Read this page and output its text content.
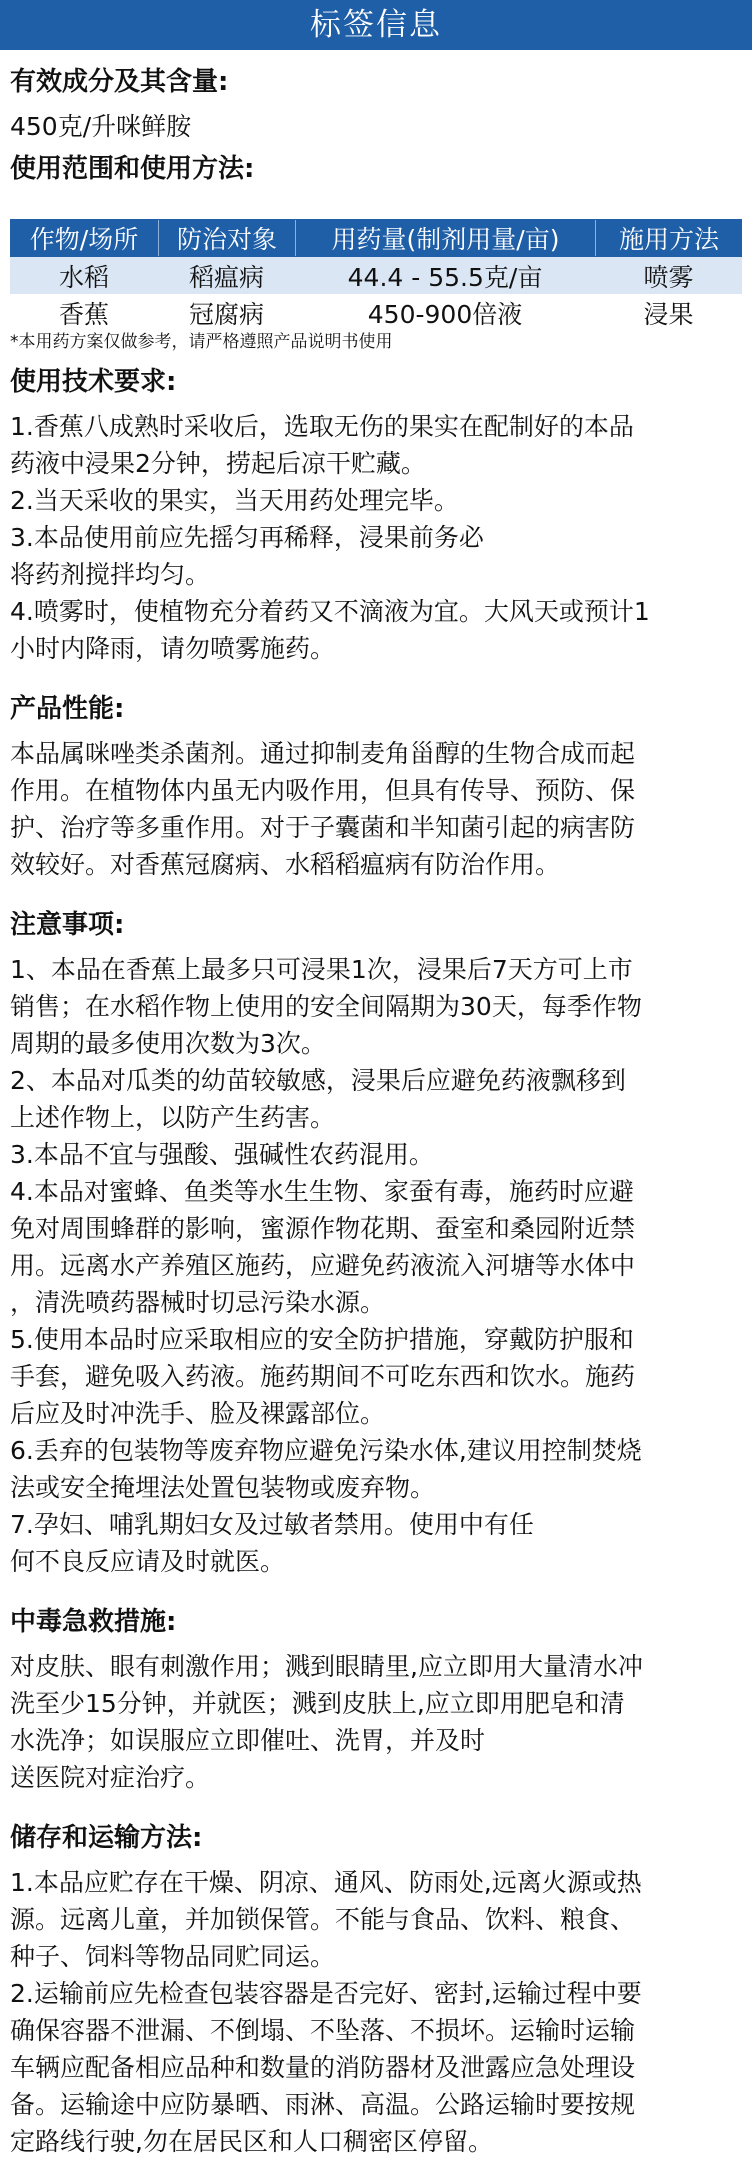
标签信息
有效成分及其含量:
450克/升咪鲜胺
使用范围和使用方法:
作物/场所	防治对象	用药量(制剂用量/亩)	施用方法
水稻	稻瘟病	44.4 - 55.5克/亩	喷雾
香蕉	冠腐病	450-900倍液	浸果
*本用药方案仅做参考，请严格遵照产品说明书使用
使用技术要求:
1.香蕉八成熟时采收后，选取无伤的果实在配制好的本品
药液中浸果2分钟，捞起后凉干贮藏。
2.当天采收的果实，当天用药处理完毕。
3.本品使用前应先摇匀再稀释，浸果前务必
将药剂搅拌均匀。
4.喷雾时，使植物充分着药又不滴液为宜。大风天或预计1
小时内降雨，请勿喷雾施药。
产品性能:
本品属咪唑类杀菌剂。通过抑制麦角甾醇的生物合成而起
作用。在植物体内虽无内吸作用，但具有传导、预防、保
护、治疗等多重作用。对于子囊菌和半知菌引起的病害防
效较好。对香蕉冠腐病、水稻稻瘟病有防治作用。
注意事项:
1、本品在香蕉上最多只可浸果1次，浸果后7天方可上市
销售；在水稻作物上使用的安全间隔期为30天，每季作物
周期的最多使用次数为3次。
2、本品对瓜类的幼苗较敏感，浸果后应避免药液飘移到
上述作物上，以防产生药害。
3.本品不宜与强酸、强碱性农药混用。
4.本品对蜜蜂、鱼类等水生生物、家蚕有毒，施药时应避
免对周围蜂群的影响，蜜源作物花期、蚕室和桑园附近禁
用。远离水产养殖区施药，应避免药液流入河塘等水体中
，清洗喷药器械时切忌污染水源。
5.使用本品时应采取相应的安全防护措施，穿戴防护服和
手套，避免吸入药液。施药期间不可吃东西和饮水。施药
后应及时冲洗手、脸及裸露部位。
6.丢弃的包装物等废弃物应避免污染水体,建议用控制焚烧
法或安全掩埋法处置包装物或废弃物。
7.孕妇、哺乳期妇女及过敏者禁用。使用中有任
何不良反应请及时就医。
中毒急救措施:
对皮肤、眼有刺激作用；溅到眼睛里,应立即用大量清水冲
洗至少15分钟，并就医；溅到皮肤上,应立即用肥皂和清
水洗净；如误服应立即催吐、洗胃，并及时
送医院对症治疗。
储存和运输方法:
1.本品应贮存在干燥、阴凉、通风、防雨处,远离火源或热
源。远离儿童，并加锁保管。不能与食品、饮料、粮食、
种子、饲料等物品同贮同运。
2.运输前应先检查包装容器是否完好、密封,运输过程中要
确保容器不泄漏、不倒塌、不坠落、不损坏。运输时运输
车辆应配备相应品种和数量的消防器材及泄露应急处理设
备。运输途中应防暴晒、雨淋、高温。公路运输时要按规
定路线行驶,勿在居民区和人口稠密区停留。
